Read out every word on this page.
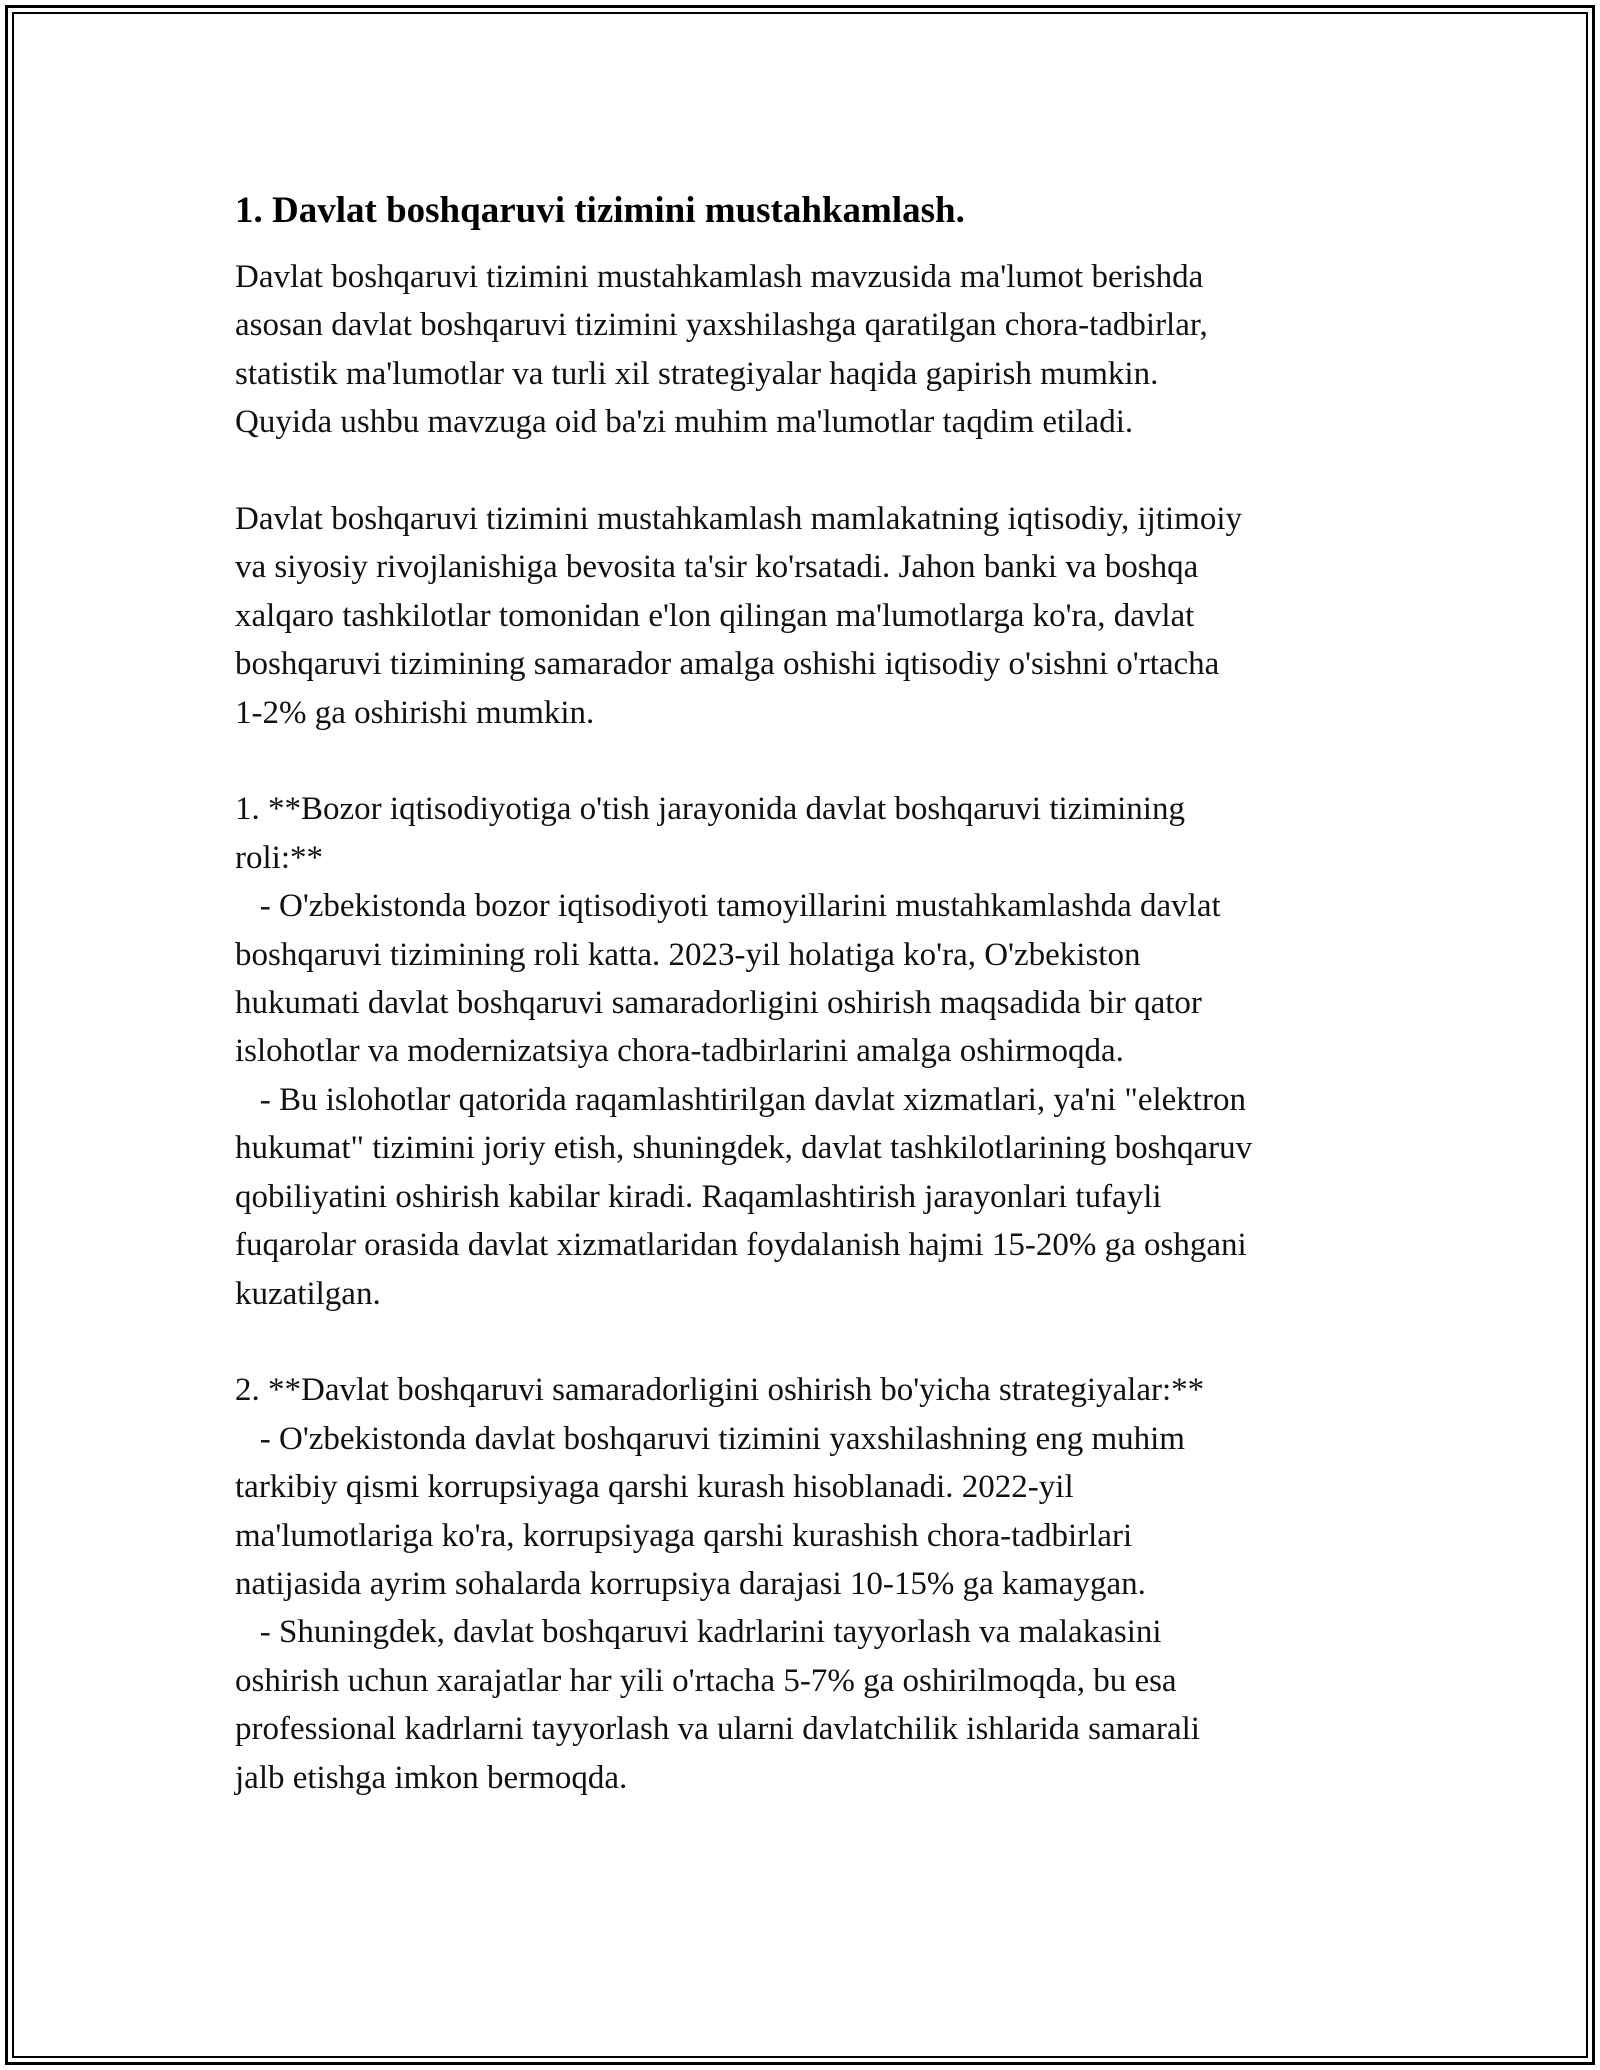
1. Davlat boshqaruvi tizimini mustahkamlash.
Davlat boshqaruvi tizimini mustahkamlash mavzusida ma'lumot berishda
asosan davlat boshqaruvi tizimini yaxshilashga qaratilgan chora-tadbirlar,
statistik ma'lumotlar va turli xil strategiyalar haqida gapirish mumkin.
Quyida ushbu mavzuga oid ba'zi muhim ma'lumotlar taqdim etiladi.
Davlat boshqaruvi tizimini mustahkamlash mamlakatning iqtisodiy, ijtimoiy
va siyosiy rivojlanishiga bevosita ta'sir ko'rsatadi. Jahon banki va boshqa
xalqaro tashkilotlar tomonidan e'lon qilingan ma'lumotlarga ko'ra, davlat
boshqaruvi tizimining samarador amalga oshishi iqtisodiy o'sishni o'rtacha
1-2% ga oshirishi mumkin.
1. **Bozor iqtisodiyotiga o'tish jarayonida davlat boshqaruvi tizimining
roli:**
- O'zbekistonda bozor iqtisodiyoti tamoyillarini mustahkamlashda davlat
boshqaruvi tizimining roli katta. 2023-yil holatiga ko'ra, O'zbekiston
hukumati davlat boshqaruvi samaradorligini oshirish maqsadida bir qator
islohotlar va modernizatsiya chora-tadbirlarini amalga oshirmoqda.
- Bu islohotlar qatorida raqamlashtirilgan davlat xizmatlari, ya'ni "elektron
hukumat" tizimini joriy etish, shuningdek, davlat tashkilotlarining boshqaruv
qobiliyatini oshirish kabilar kiradi. Raqamlashtirish jarayonlari tufayli
fuqarolar orasida davlat xizmatlaridan foydalanish hajmi 15-20% ga oshgani
kuzatilgan.
2. **Davlat boshqaruvi samaradorligini oshirish bo'yicha strategiyalar:**
- O'zbekistonda davlat boshqaruvi tizimini yaxshilashning eng muhim
tarkibiy qismi korrupsiyaga qarshi kurash hisoblanadi. 2022-yil
ma'lumotlariga ko'ra, korrupsiyaga qarshi kurashish chora-tadbirlari
natijasida ayrim sohalarda korrupsiya darajasi 10-15% ga kamaygan.
- Shuningdek, davlat boshqaruvi kadrlarini tayyorlash va malakasini
oshirish uchun xarajatlar har yili o'rtacha 5-7% ga oshirilmoqda, bu esa
professional kadrlarni tayyorlash va ularni davlatchilik ishlarida samarali
jalb etishga imkon bermoqda.
